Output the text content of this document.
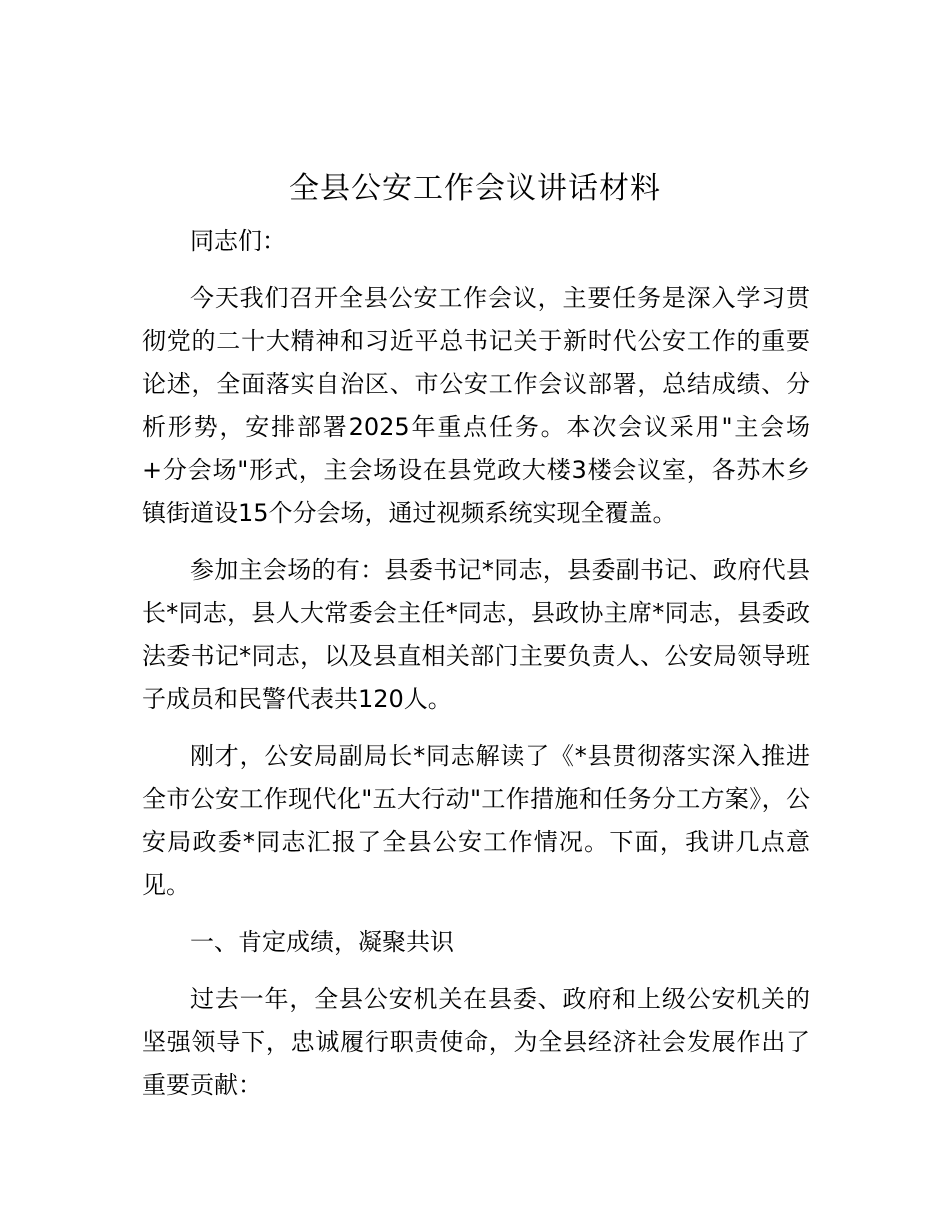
全县公安工作会议讲话材料

同志们：

今天我们召开全县公安工作会议，主要任务是深入学习贯彻党的二十大精神和习近平总书记关于新时代公安工作的重要论述，全面落实自治区、市公安工作会议部署，总结成绩、分析形势，安排部署2025年重点任务。本次会议采用"主会场+分会场"形式，主会场设在县党政大楼3楼会议室，各苏木乡镇街道设15个分会场，通过视频系统实现全覆盖。

参加主会场的有：县委书记*同志，县委副书记、政府代县长*同志，县人大常委会主任*同志，县政协主席*同志，县委政法委书记*同志，以及县直相关部门主要负责人、公安局领导班子成员和民警代表共120人。

刚才，公安局副局长*同志解读了《*县贯彻落实深入推进全市公安工作现代化"五大行动"工作措施和任务分工方案》，公安局政委*同志汇报了全县公安工作情况。下面，我讲几点意见。

一、肯定成绩，凝聚共识

过去一年，全县公安机关在县委、政府和上级公安机关的坚强领导下，忠诚履行职责使命，为全县经济社会发展作出了重要贡献：
